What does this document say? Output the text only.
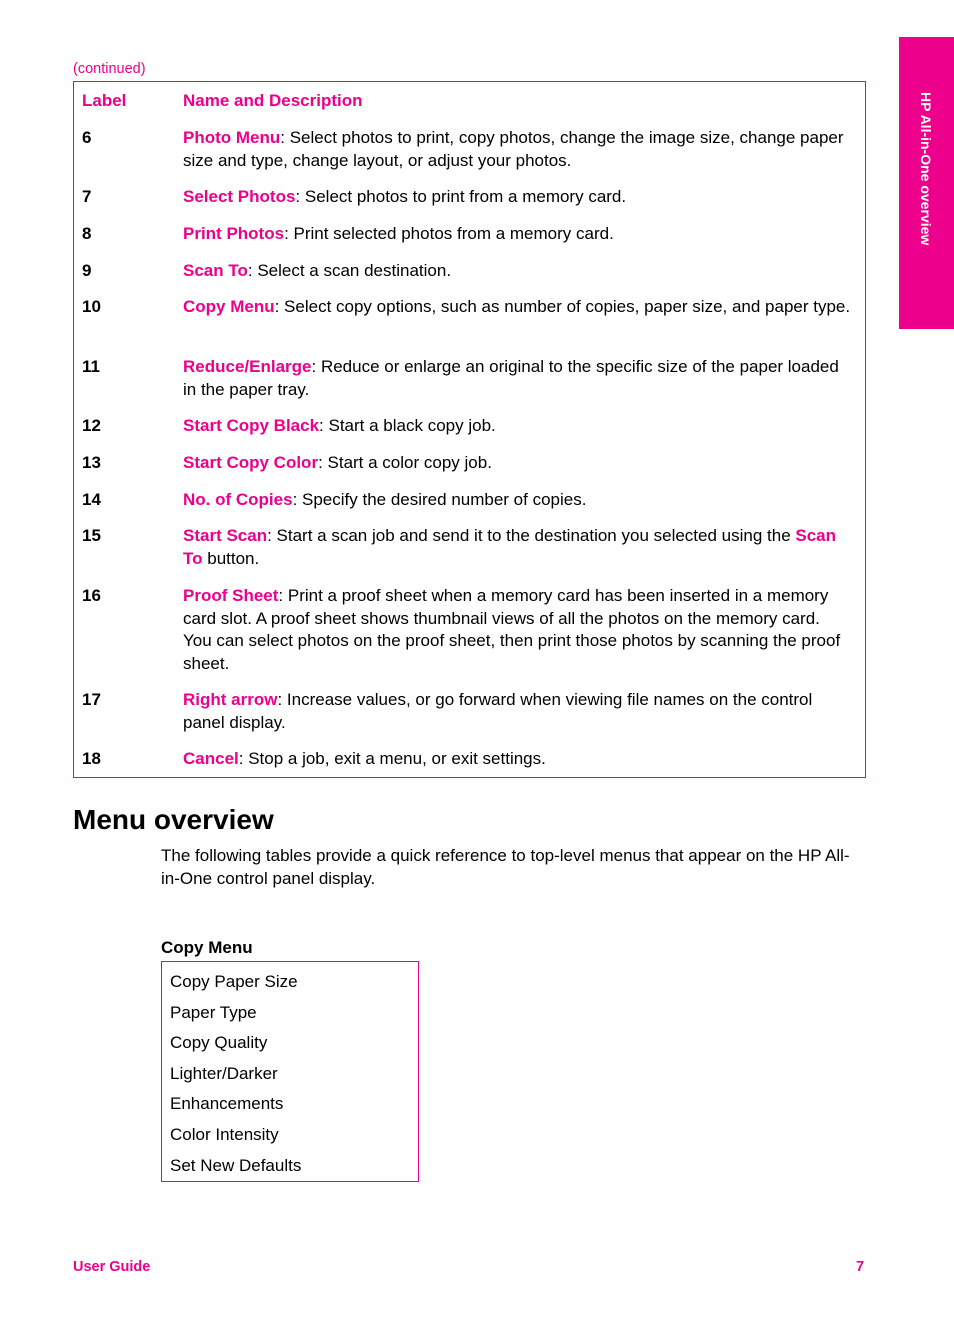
HP All-in-One overview
(continued)
Label	Name and Description
6	Photo Menu: Select photos to print, copy photos, change the image size, change paper size and type, change layout, or adjust your photos.
7	Select Photos: Select photos to print from a memory card.
8	Print Photos: Print selected photos from a memory card.
9	Scan To: Select a scan destination.
10	Copy Menu: Select copy options, such as number of copies, paper size, and paper type.
11	Reduce/Enlarge: Reduce or enlarge an original to the specific size of the paper loaded in the paper tray.
12	Start Copy Black: Start a black copy job.
13	Start Copy Color: Start a color copy job.
14	No. of Copies: Specify the desired number of copies.
15	Start Scan: Start a scan job and send it to the destination you selected using the Scan To button.
16	Proof Sheet: Print a proof sheet when a memory card has been inserted in a memory card slot. A proof sheet shows thumbnail views of all the photos on the memory card. You can select photos on the proof sheet, then print those photos by scanning the proof sheet.
17	Right arrow: Increase values, or go forward when viewing file names on the control panel display.
18	Cancel: Stop a job, exit a menu, or exit settings.
Menu overview

The following tables provide a quick reference to top-level menus that appear on the HP All-in-One control panel display.

Copy Menu
Copy Paper Size
Paper Type
Copy Quality
Lighter/Darker
Enhancements
Color Intensity
Set New Defaults
User Guide	7
